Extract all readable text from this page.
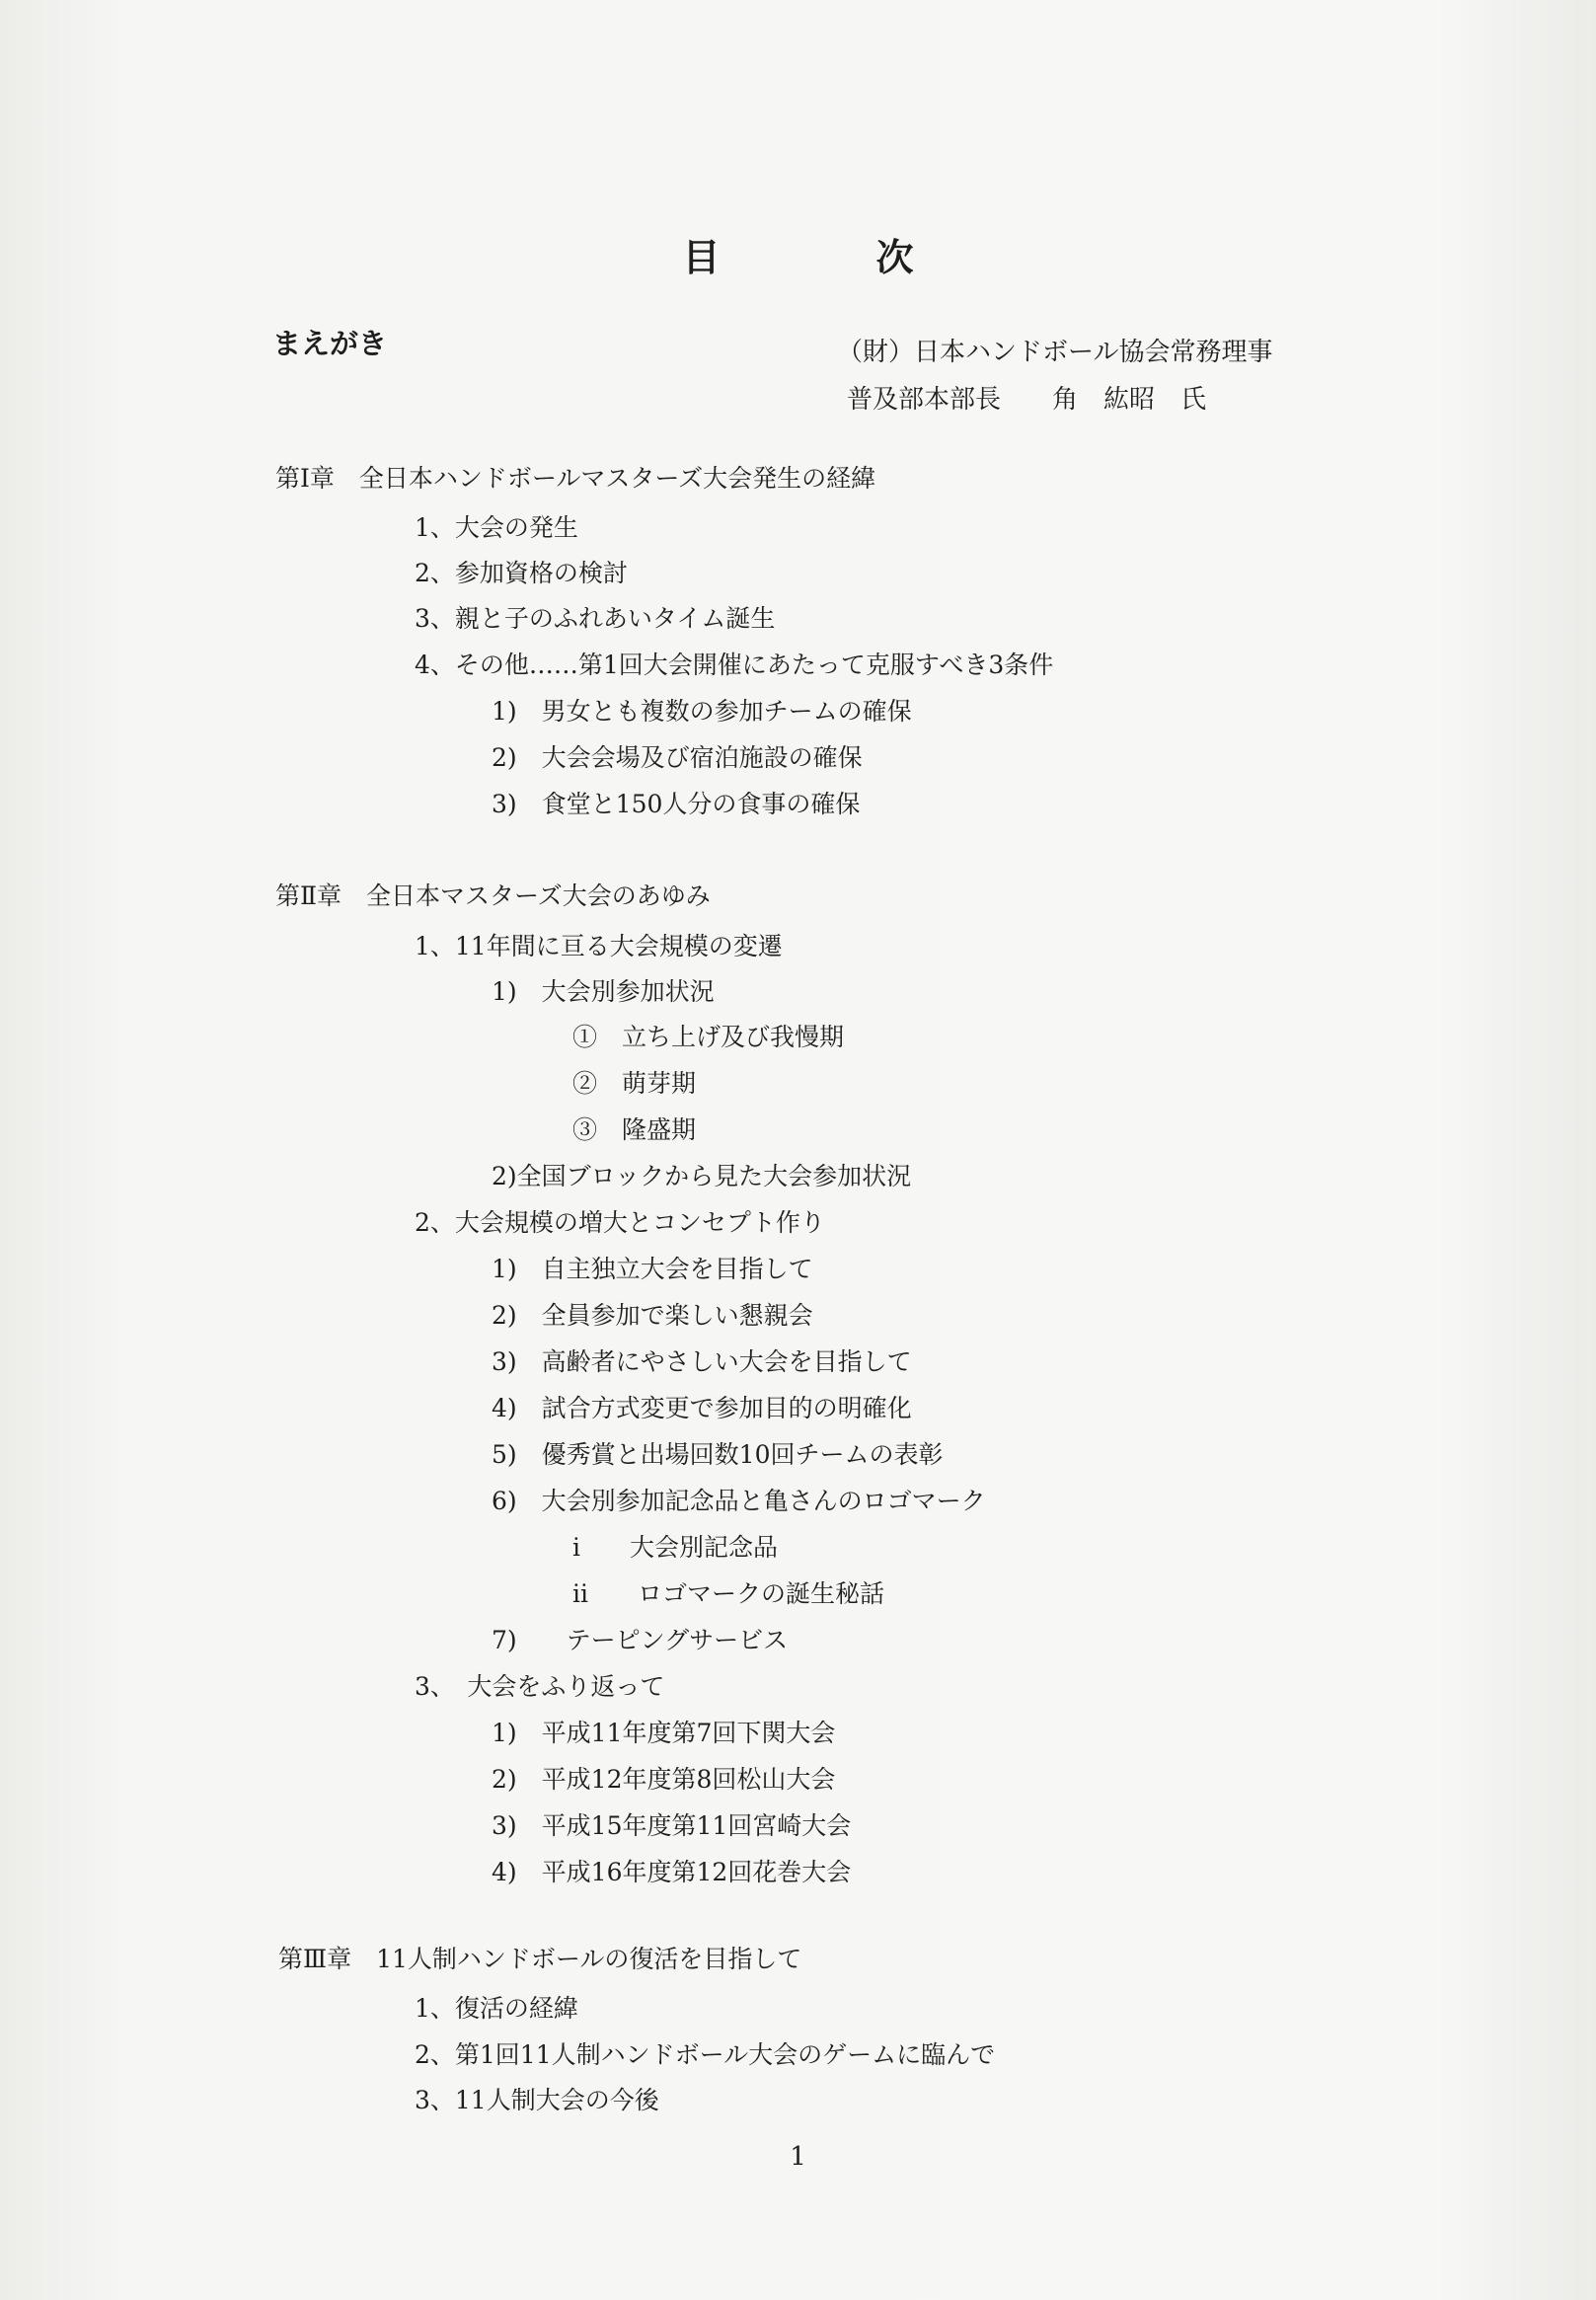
目　次
まえがき	（財）日本ハンドボール協会常務理事
普及部本部長　　角　紘昭　氏
第Ⅰ章　全日本ハンドボールマスターズ大会発生の経緯
1、大会の発生
2、参加資格の検討
3、親と子のふれあいタイム誕生
4、その他……第1回大会開催にあたって克服すべき3条件
1)　男女とも複数の参加チームの確保
2)　大会会場及び宿泊施設の確保
3)　食堂と150人分の食事の確保
第Ⅱ章　全日本マスターズ大会のあゆみ
1、11年間に亘る大会規模の変遷
1)　大会別参加状況
①　立ち上げ及び我慢期
②　萌芽期
③　隆盛期
2)全国ブロックから見た大会参加状況
2、大会規模の増大とコンセプト作り
1)　自主独立大会を目指して
2)　全員参加で楽しい懇親会
3)　高齢者にやさしい大会を目指して
4)　試合方式変更で参加目的の明確化
5)　優秀賞と出場回数10回チームの表彰
6)　大会別参加記念品と亀さんのロゴマーク
i　　大会別記念品
ii　　ロゴマークの誕生秘話
7)　　テーピングサービス
3、　大会をふり返って
1)　平成11年度第7回下関大会
2)　平成12年度第8回松山大会
3)　平成15年度第11回宮崎大会
4)　平成16年度第12回花巻大会
第Ⅲ章　11人制ハンドボールの復活を目指して
1、復活の経緯
2、第1回11人制ハンドボール大会のゲームに臨んで
3、11人制大会の今後
1
